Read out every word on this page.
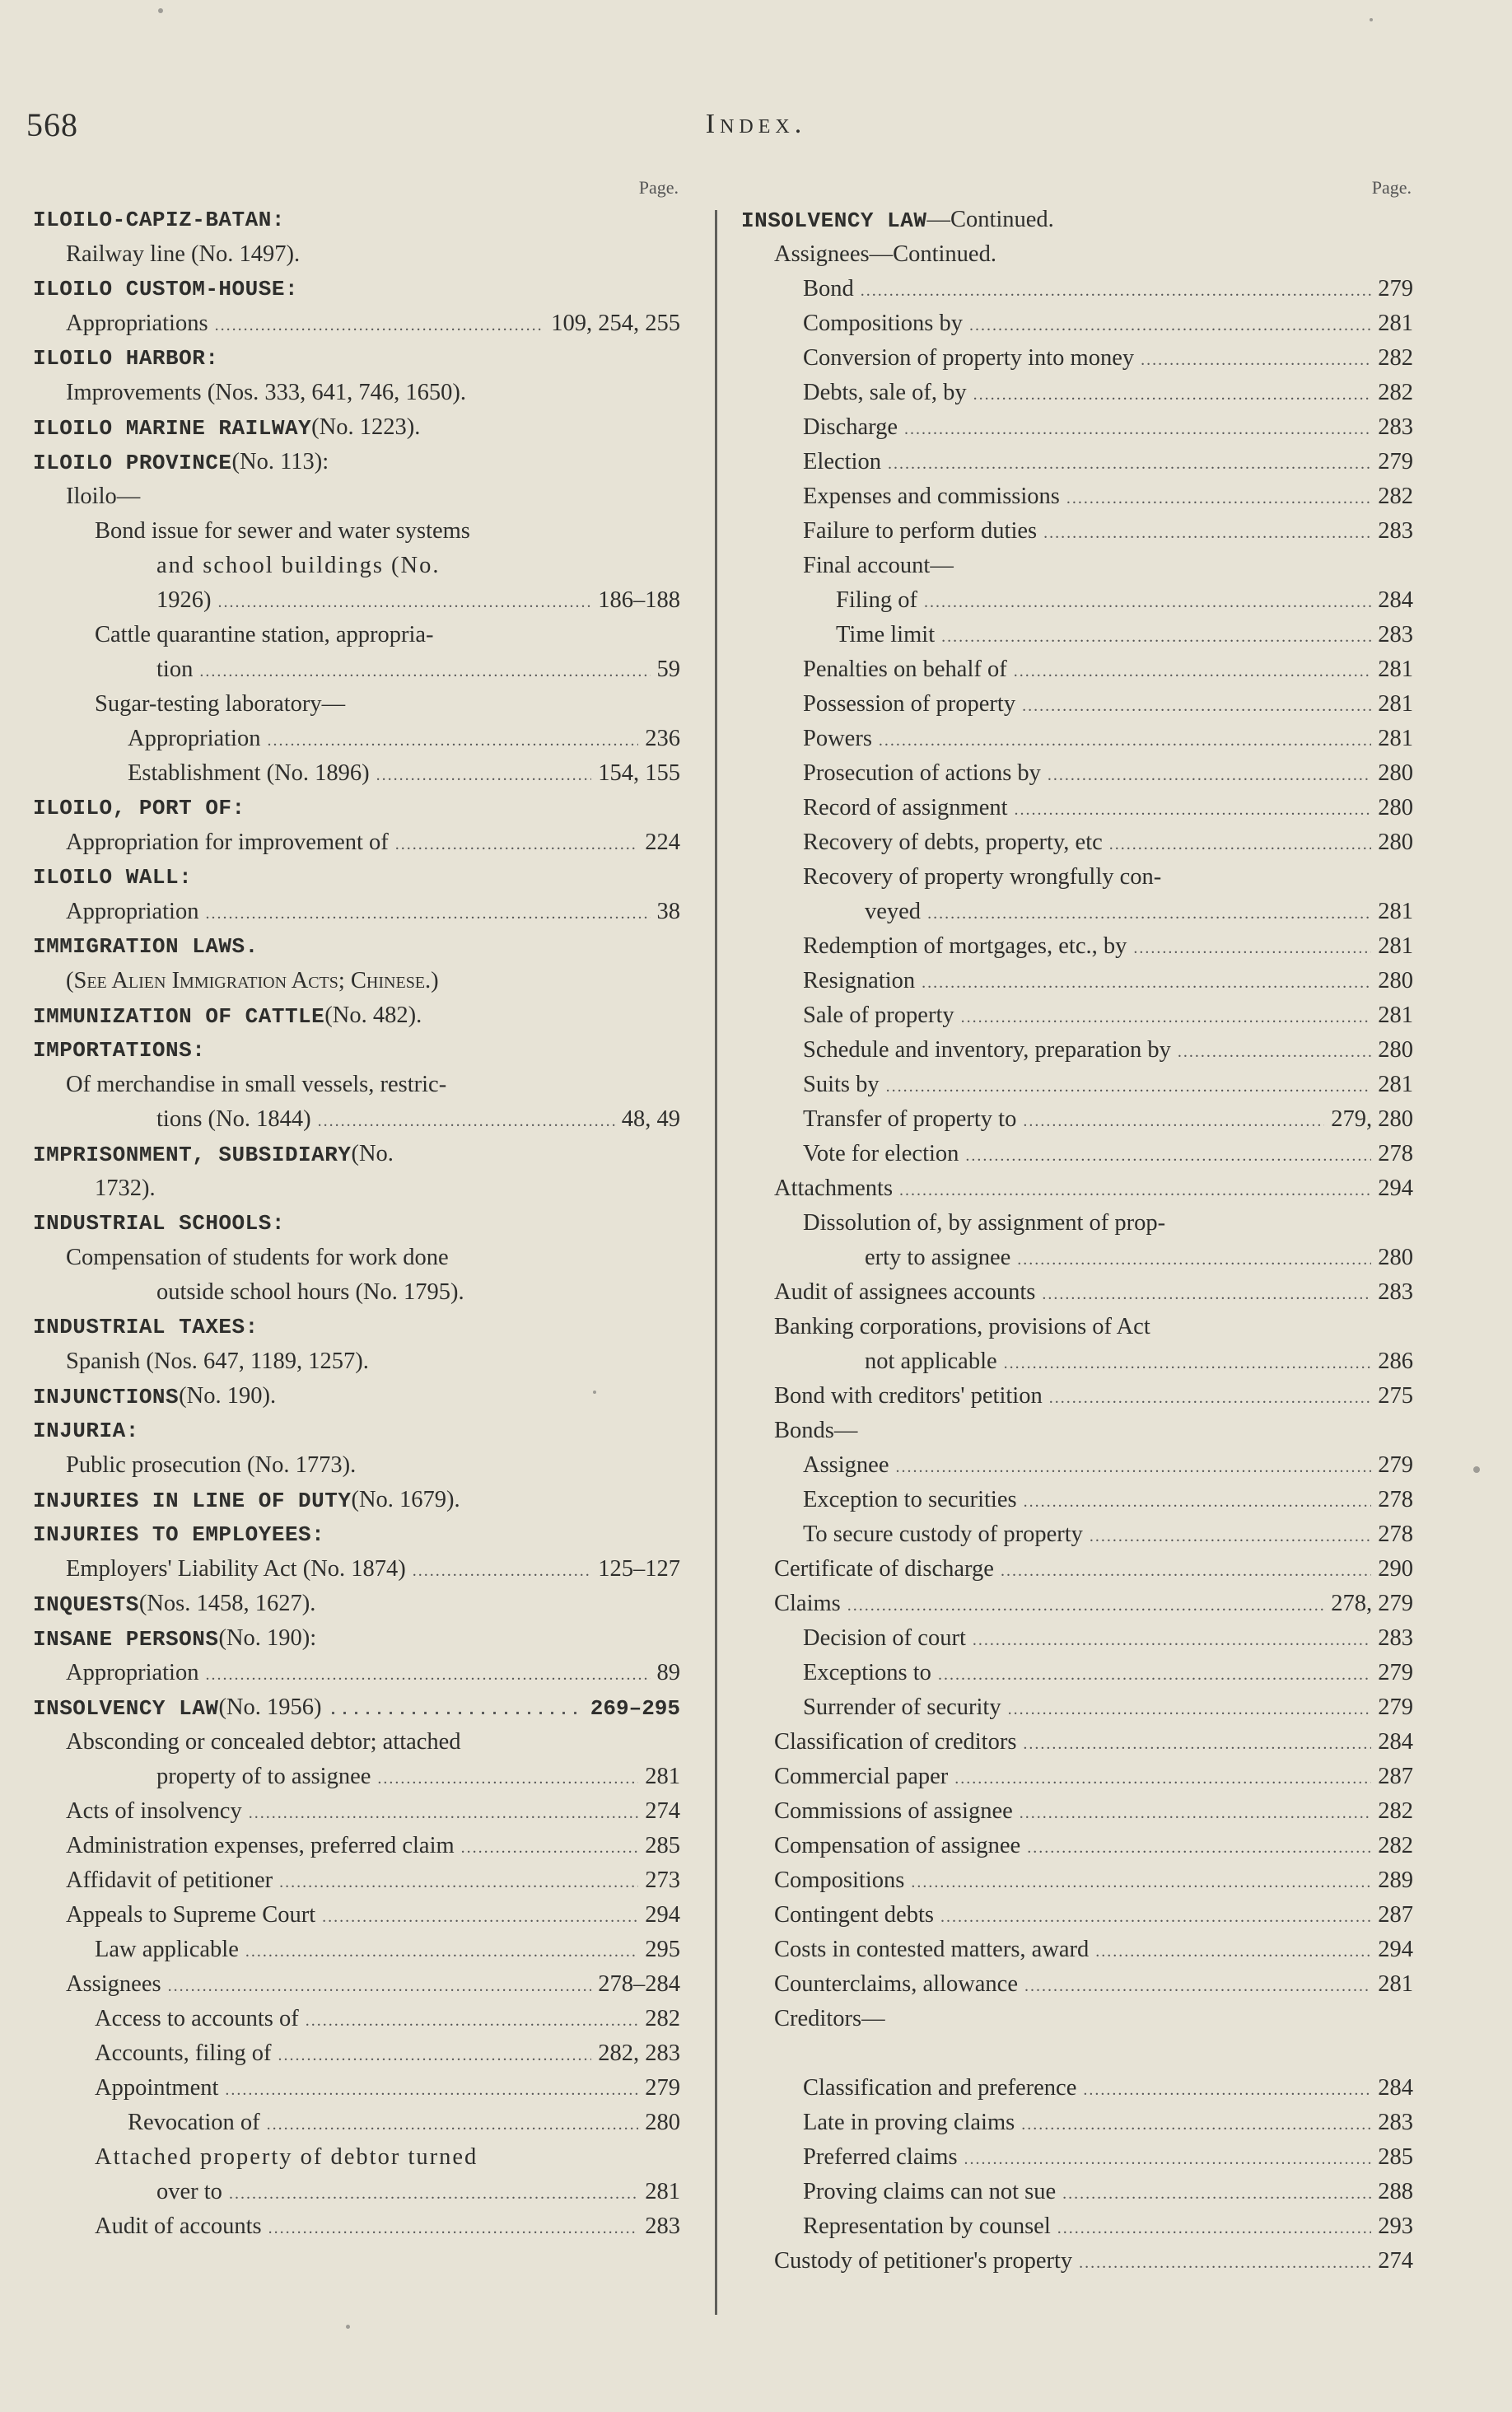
568	Index.
Page.
ILOILO-CAPIZ-BATAN:
Railway line (No. 1497).
ILOILO CUSTOM-HOUSE:
Appropriations .....	109, 254, 255
ILOILO HARBOR:
Improvements (Nos. 333, 641, 746, 1650).
ILOILO MARINE RAILWAY (No. 1223).
ILOILO PROVINCE (No. 113):
Iloilo—
Bond issue for sewer and water systems
and school buildings (No.
1926) .....	186–188
Cattle quarantine station, appropria-
tion .....	59
Sugar-testing laboratory—
Appropriation .....	236
Establishment (No. 1896) .....	154, 155
ILOILO, PORT OF:
Appropriation for improvement of .....	224
ILOILO WALL:
Appropriation .....	38
IMMIGRATION LAWS.
(See Alien Immigration Acts; Chinese.)
IMMUNIZATION OF CATTLE (No. 482).
IMPORTATIONS:
Of merchandise in small vessels, restric-
tions (No. 1844) .....	48, 49
IMPRISONMENT, SUBSIDIARY (No.
1732).
INDUSTRIAL SCHOOLS:
Compensation of students for work done
outside school hours (No. 1795).
INDUSTRIAL TAXES:
Spanish (Nos. 647, 1189, 1257).
INJUNCTIONS (No. 190).
INJURIA:
Public prosecution (No. 1773).
INJURIES IN LINE OF DUTY (No. 1679).
INJURIES TO EMPLOYEES:
Employers' Liability Act (No. 1874) .....	125–127
INQUESTS (Nos. 1458, 1627).
INSANE PERSONS (No. 190):
Appropriation .....	89
INSOLVENCY LAW (No. 1956) .....	269–295
Absconding or concealed debtor; attached
property of to assignee .....	281
Acts of insolvency .....	274
Administration expenses, preferred claim .....	285
Affidavit of petitioner .....	273
Appeals to Supreme Court .....	294
Law applicable .....	295
Assignees .....	278–284
Access to accounts of .....	282
Accounts, filing of .....	282, 283
Appointment .....	279
Revocation of .....	280
Attached property of debtor turned
over to .....	281
Audit of accounts .....	283
Page.
INSOLVENCY LAW —Continued.
Assignees—Continued.
Bond .....	279
Compositions by .....	281
Conversion of property into money .....	282
Debts, sale of, by .....	282
Discharge .....	283
Election .....	279
Expenses and commissions .....	282
Failure to perform duties .....	283
Final account—
Filing of .....	284
Time limit .....	283
Penalties on behalf of .....	281
Possession of property .....	281
Powers .....	281
Prosecution of actions by .....	280
Record of assignment .....	280
Recovery of debts, property, etc .....	280
Recovery of property wrongfully con-
veyed .....	281
Redemption of mortgages, etc., by .....	281
Resignation .....	280
Sale of property .....	281
Schedule and inventory, preparation by .....	280
Suits by .....	281
Transfer of property to .....	279, 280
Vote for election .....	278
Attachments .....	294
Dissolution of, by assignment of prop-
erty to assignee .....	280
Audit of assignees accounts .....	283
Banking corporations, provisions of Act
not applicable .....	286
Bond with creditors' petition .....	275
Bonds—
Assignee .....	279
Exception to securities .....	278
To secure custody of property .....	278
Certificate of discharge .....	290
Claims .....	278, 279
Decision of court .....	283
Exceptions to .....	279
Surrender of security .....	279
Classification of creditors .....	284
Commercial paper .....	287
Commissions of assignee .....	282
Compensation of assignee .....	282
Compositions .....	289
Contingent debts .....	287
Costs in contested matters, award .....	294
Counterclaims, allowance .....	281
Creditors—
Classification and preference .....	284
Late in proving claims .....	283
Preferred claims .....	285
Proving claims can not sue .....	288
Representation by counsel .....	293
Custody of petitioner's property .....	274
